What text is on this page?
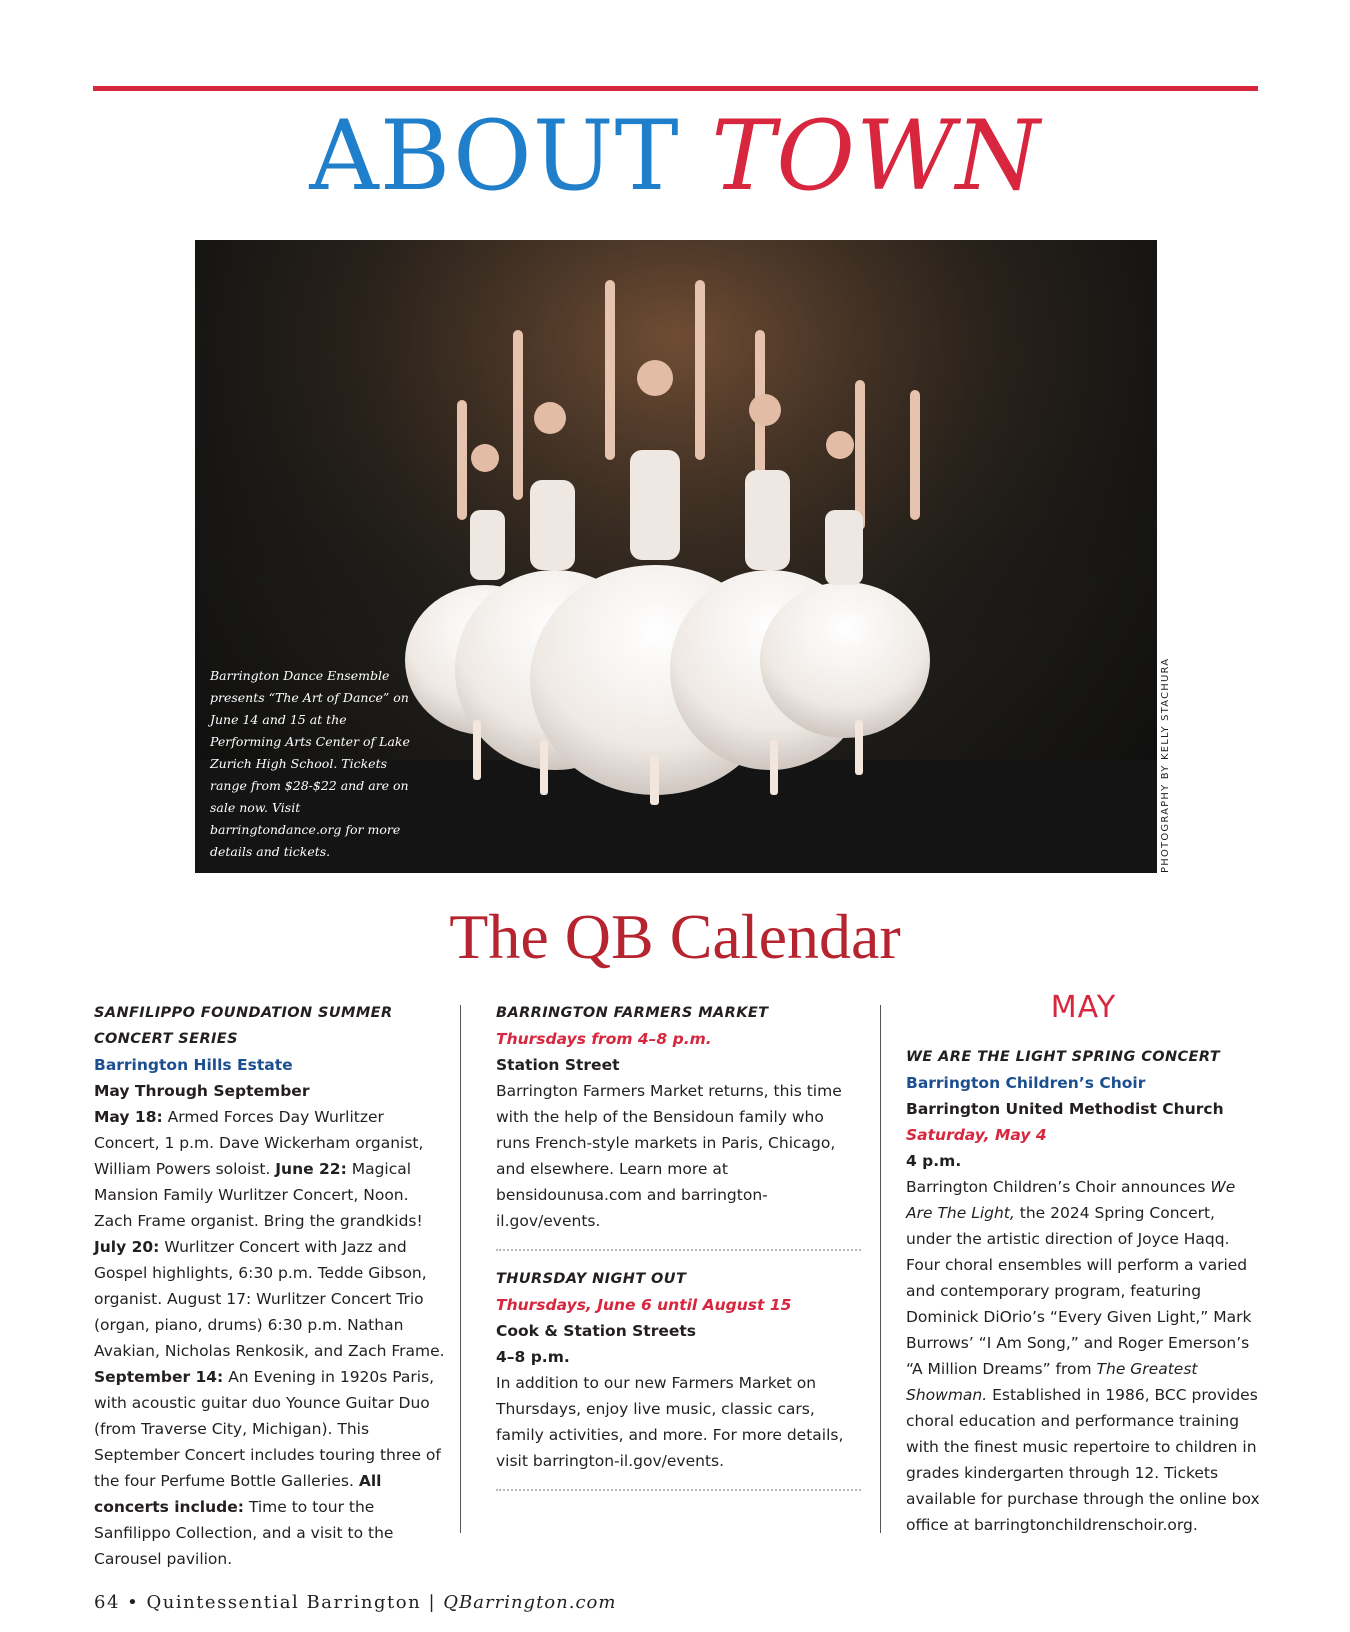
ABOUT TOWN
Barrington Dance Ensemble presents “The Art of Dance” on June 14 and 15 at the Performing Arts Center of Lake Zurich High School. Tickets range from $28-$22 and are on sale now. Visit barringtondance.org for more details and tickets.	PHOTOGRAPHY BY KELLY STACHURA
The QB Calendar

SANFILIPPO FOUNDATION SUMMER CONCERT SERIES

Barrington Hills Estate

May Through September

May 18: Armed Forces Day Wurlitzer Concert, 1 p.m. Dave Wickerham organist, William Powers soloist. June 22: Magical Mansion Family Wurlitzer Concert, Noon. Zach Frame organist. Bring the grandkids! July 20: Wurlitzer Concert with Jazz and Gospel highlights, 6:30 p.m. Tedde Gibson, organist. August 17: Wurlitzer Concert Trio (organ, piano, drums) 6:30 p.m. Nathan Avakian, Nicholas Renkosik, and Zach Frame. September 14: An Evening in 1920s Paris, with acoustic guitar duo Younce Guitar Duo (from Traverse City, Michigan). This September Concert includes touring three of the four Perfume Bottle Galleries. All concerts include: Time to tour the Sanfilippo Collection, and a visit to the Carousel pavilion.

BARRINGTON FARMERS MARKET

Thursdays from 4–8 p.m.

Station Street

Barrington Farmers Market returns, this time with the help of the Bensidoun family who runs French-style markets in Paris, Chicago, and elsewhere. Learn more at bensidounusa.com and barrington-il.gov/events.

THURSDAY NIGHT OUT

Thursdays, June 6 until August 15

Cook & Station Streets

4–8 p.m.

In addition to our new Farmers Market on Thursdays, enjoy live music, classic cars, family activities, and more. For more details, visit barrington-il.gov/events.

MAY

WE ARE THE LIGHT SPRING CONCERT

Barrington Children’s Choir

Barrington United Methodist Church

Saturday, May 4

4 p.m.

Barrington Children’s Choir announces We Are The Light, the 2024 Spring Concert, under the artistic direction of Joyce Haqq. Four choral ensembles will perform a varied and contemporary program, featuring Dominick DiOrio’s “Every Given Light,” Mark Burrows’ “I Am Song,” and Roger Emerson’s “A Million Dreams” from The Greatest Showman. Established in 1986, BCC provides choral education and performance training with the finest music repertoire to children in grades kindergarten through 12. Tickets available for purchase through the online box office at barringtonchildrenschoir.org.

64 • Quintessential Barrington | QBarrington.com
